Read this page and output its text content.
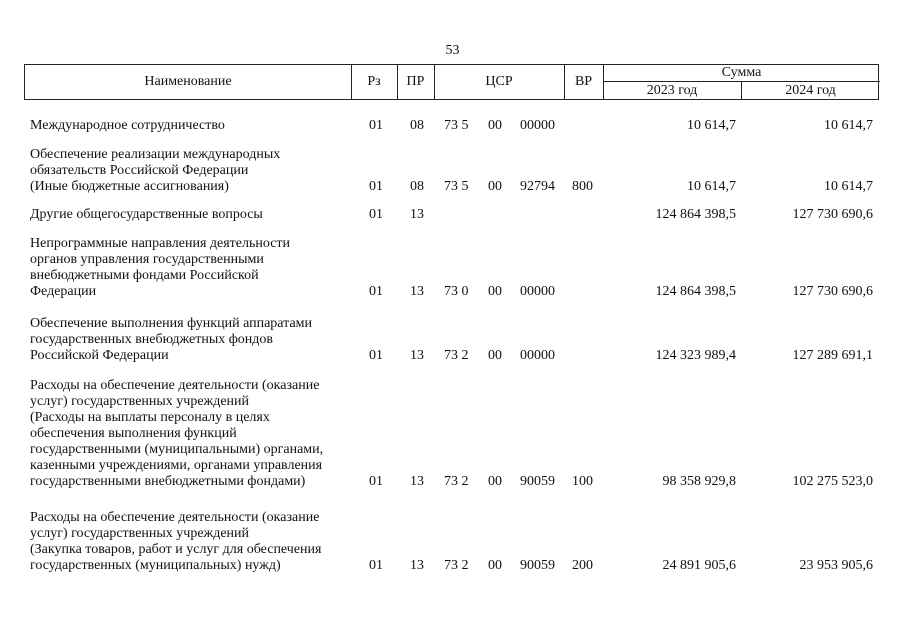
53
Наименование	Рз	ПР	ЦСР	ВР
Сумма
2023 год	2024 год
Международное сотрудничество	01 08 73 5 00 00000	10 614,7	10 614,7
Обеспечение реализации международных
обязательств Российской Федерации
(Иные бюджетные ассигнования)	01 08 73 5 00 92794 800	10 614,7	10 614,7
Другие общегосударственные вопросы	01 13	124 864 398,5	127 730 690,6
Непрограммные направления деятельности
органов управления государственными
внебюджетными фондами Российской
Федерации	01 13 73 0 00 00000	124 864 398,5	127 730 690,6
Обеспечение выполнения функций аппаратами
государственных внебюджетных фондов
Российской Федерации	01 13 73 2 00 00000	124 323 989,4	127 289 691,1
Расходы на обеспечение деятельности (оказание
услуг) государственных учреждений
(Расходы на выплаты персоналу в целях
обеспечения выполнения функций
государственными (муниципальными) органами,
казенными учреждениями, органами управления
государственными внебюджетными фондами)	01 13 73 2 00 90059 100	98 358 929,8	102 275 523,0
Расходы на обеспечение деятельности (оказание
услуг) государственных учреждений
(Закупка товаров, работ и услуг для обеспечения
государственных (муниципальных) нужд)	01 13 73 2 00 90059 200	24 891 905,6	23 953 905,6
